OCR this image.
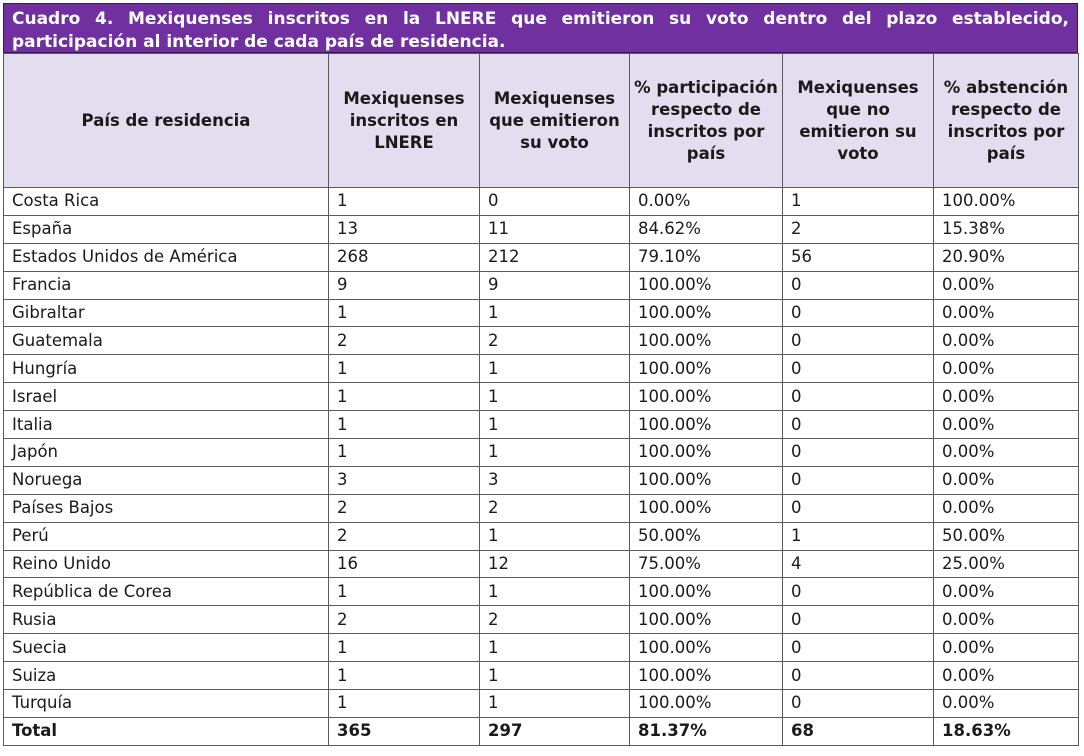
Cuadro 4. Mexiquenses inscritos en la LNERE que emitieron su voto dentro del plazo establecido, participación al interior de cada país de residencia.
País de residencia	Mexiquenses inscritos en LNERE	Mexiquenses que emitieron su voto	% participación respecto de inscritos por país	Mexiquenses que no emitieron su voto	% abstención respecto de inscritos por país
Costa Rica	1	0	0.00%	1	100.00%
España	13	11	84.62%	2	15.38%
Estados Unidos de América	268	212	79.10%	56	20.90%
Francia	9	9	100.00%	0	0.00%
Gibraltar	1	1	100.00%	0	0.00%
Guatemala	2	2	100.00%	0	0.00%
Hungría	1	1	100.00%	0	0.00%
Israel	1	1	100.00%	0	0.00%
Italia	1	1	100.00%	0	0.00%
Japón	1	1	100.00%	0	0.00%
Noruega	3	3	100.00%	0	0.00%
Países Bajos	2	2	100.00%	0	0.00%
Perú	2	1	50.00%	1	50.00%
Reino Unido	16	12	75.00%	4	25.00%
República de Corea	1	1	100.00%	0	0.00%
Rusia	2	2	100.00%	0	0.00%
Suecia	1	1	100.00%	0	0.00%
Suiza	1	1	100.00%	0	0.00%
Turquía	1	1	100.00%	0	0.00%
Total	365	297	81.37%	68	18.63%
